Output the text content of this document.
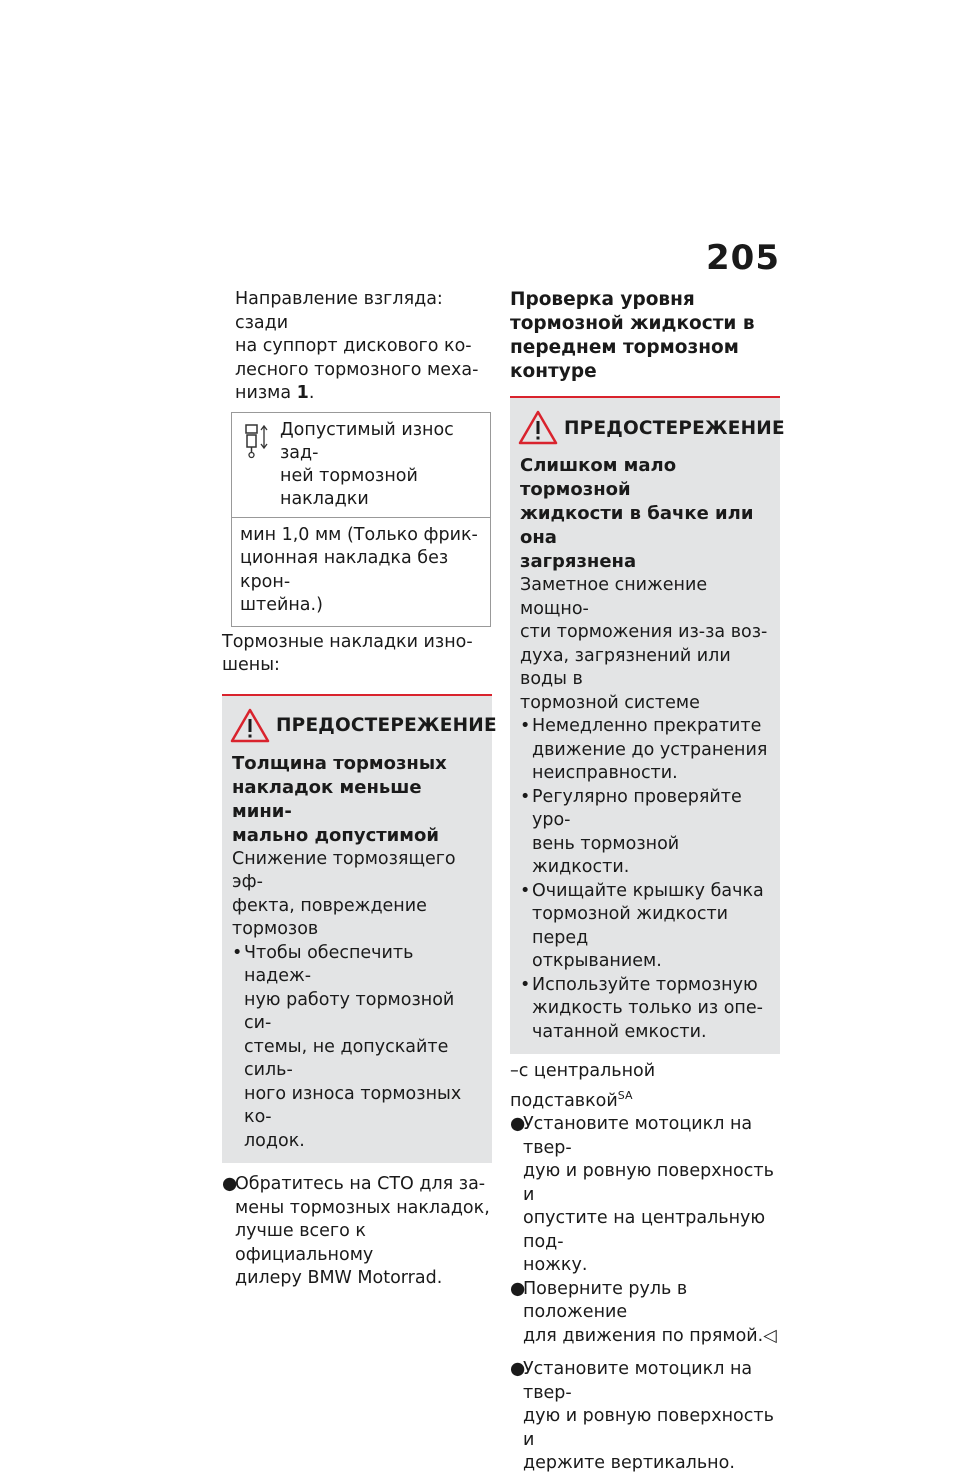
205
Направление взгляда: сзади
на суппорт дискового ко-
лесного тормозного меха-
низма 1.
Допустимый износ зад-
ней тормозной накладки
мин 1,0 мм (Только фрик-
ционная накладка без крон-
штейна.)
Тормозные накладки изно-
шены:
ПРЕДОСТЕРЕЖЕНИЕ
Толщина тормозных
накладок меньше мини-
мально допустимой
Снижение тормозящего эф-
фекта, повреждение тормозов
• Чтобы обеспечить надеж-
ную работу тормозной си-
стемы, не допускайте силь-
ного износа тормозных ко-
лодок.
●
Обратитесь на СТО для за-
мены тормозных накладок,
лучше всего к официальному
дилеру BMW Motorrad.
Проверка уровня
тормозной жидкости в
переднем тормозном
контуре
ПРЕДОСТЕРЕЖЕНИЕ
Слишком мало тормозной
жидкости в бачке или она
загрязнена
Заметное снижение мощно-
сти торможения из-за воз-
духа, загрязнений или воды в
тормозной системе
• Немедленно прекратите
движение до устранения
неисправности.
• Регулярно проверяйте уро-
вень тормозной жидкости.
• Очищайте крышку бачка
тормозной жидкости перед
открыванием.
• Используйте тормозную
жидкость только из опе-
чатанной емкости.
–с центральной подставкой$^{SA}$
●
Установите мотоцикл на твер-
дую и ровную поверхность и
опустите на центральную под-
ножку.
●
Поверните руль в положение
для движения по прямой.◁
●
Установите мотоцикл на твер-
дую и ровную поверхность и
держите вертикально.
